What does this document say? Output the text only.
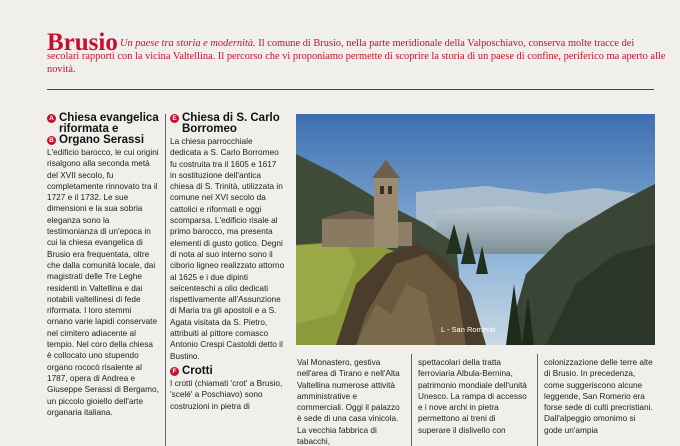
Brusio Un paese tra storia e modernità. Il comune di Brusio, nella parte meridionale della Valposchiavo, conserva molte tracce dei secolari rapporti con la vicina Valtellina. Il percorso che vi proponiamo permette di scoprire la storia di un paese di confine, periferico ma aperto alle novità.

A Chiesa evangelica riformata e
B Organo Serassi

L'edificio barocco, le cui origini risalgono alla seconda metà del XVII secolo, fu completamente rinnovato tra il 1727 e il 1732. Le sue dimensioni e la sua sobria eleganza sono la testimonianza di un'epoca in cui la chiesa evangelica di Brusio era frequentata, oltre che dalla comunità locale, dai magistrati delle Tre Leghe residenti in Valtellina e dai notabili valtellinesi di fede riformata. I loro stemmi ornano varie lapidi conservate nel cimitero adiacente al tempio. Nel coro della chiesa è collocato uno stupendo organo rococò risalente al 1787, opera di Andrea e Giuseppe Serassi di Bergamo, un piccolo gioiello dell'arte organaria italiana.

E Chiesa di S. Carlo Borromeo

La chiesa parrocchiale dedicata a S. Carlo Borromeo fu costruita tra il 1605 e 1617 in sostituzione dell'antica chiesa di S. Trinità, utilizzata in comune nel XVI secolo da cattolici e riformati e oggi scomparsa. L'edificio risale al primo barocco, ma presenta elementi di gusto gotico. Degni di nota al suo interno sono il ciborio ligneo realizzato attorno al 1625 e i due dipinti seicenteschi a olio dedicati rispettivamente all'Assunzione di Maria tra gli apostoli e a S. Agata visitata da S. Pietro, attribuiti al pittore comasco Antonio Crespi Castoldi detto il Bustino.

F Crotti

I crotti (chiamati 'crot' a Brusio, 'scelé' a Poschiavo) sono costruzioni in pietra di

L - San Romerio
Val Monastero, gestiva nell'area di Tirano e nell'Alta Valtellina numerose attività amministrative e commerciali. Oggi il palazzo è sede di una casa vinicola. La vecchia fabbrica di tabacchi,
spettacolari della tratta ferroviaria Albula-Bernina, patrimonio mondiale dell'unità Unesco. La rampa di accesso e i nove archi in pietra permettono ai treni di superare il dislivello con
colonizzazione delle terre alte di Brusio. In precedenza, come suggeriscono alcune leggende, San Romerio era forse sede di culti precristiani. Dall'alpeggio omonimo si gode un'ampia
